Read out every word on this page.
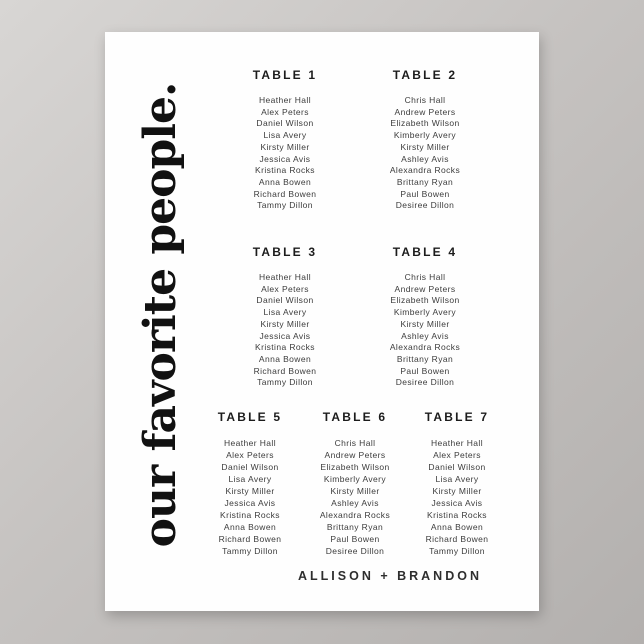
our favorite people.
TABLE 1
Heather Hall
Alex Peters
Daniel Wilson
Lisa Avery
Kirsty Miller
Jessica Avis
Kristina Rocks
Anna Bowen
Richard Bowen
Tammy Dillon
TABLE 2
Chris Hall
Andrew Peters
Elizabeth Wilson
Kimberly Avery
Kirsty Miller
Ashley Avis
Alexandra Rocks
Brittany Ryan
Paul Bowen
Desiree Dillon
TABLE 3
Heather Hall
Alex Peters
Daniel Wilson
Lisa Avery
Kirsty Miller
Jessica Avis
Kristina Rocks
Anna Bowen
Richard Bowen
Tammy Dillon
TABLE 4
Chris Hall
Andrew Peters
Elizabeth Wilson
Kimberly Avery
Kirsty Miller
Ashley Avis
Alexandra Rocks
Brittany Ryan
Paul Bowen
Desiree Dillon
TABLE 5
Heather Hall
Alex Peters
Daniel Wilson
Lisa Avery
Kirsty Miller
Jessica Avis
Kristina Rocks
Anna Bowen
Richard Bowen
Tammy Dillon
TABLE 6
Chris Hall
Andrew Peters
Elizabeth Wilson
Kimberly Avery
Kirsty Miller
Ashley Avis
Alexandra Rocks
Brittany Ryan
Paul Bowen
Desiree Dillon
TABLE 7
Heather Hall
Alex Peters
Daniel Wilson
Lisa Avery
Kirsty Miller
Jessica Avis
Kristina Rocks
Anna Bowen
Richard Bowen
Tammy Dillon
ALLISON + BRANDON
